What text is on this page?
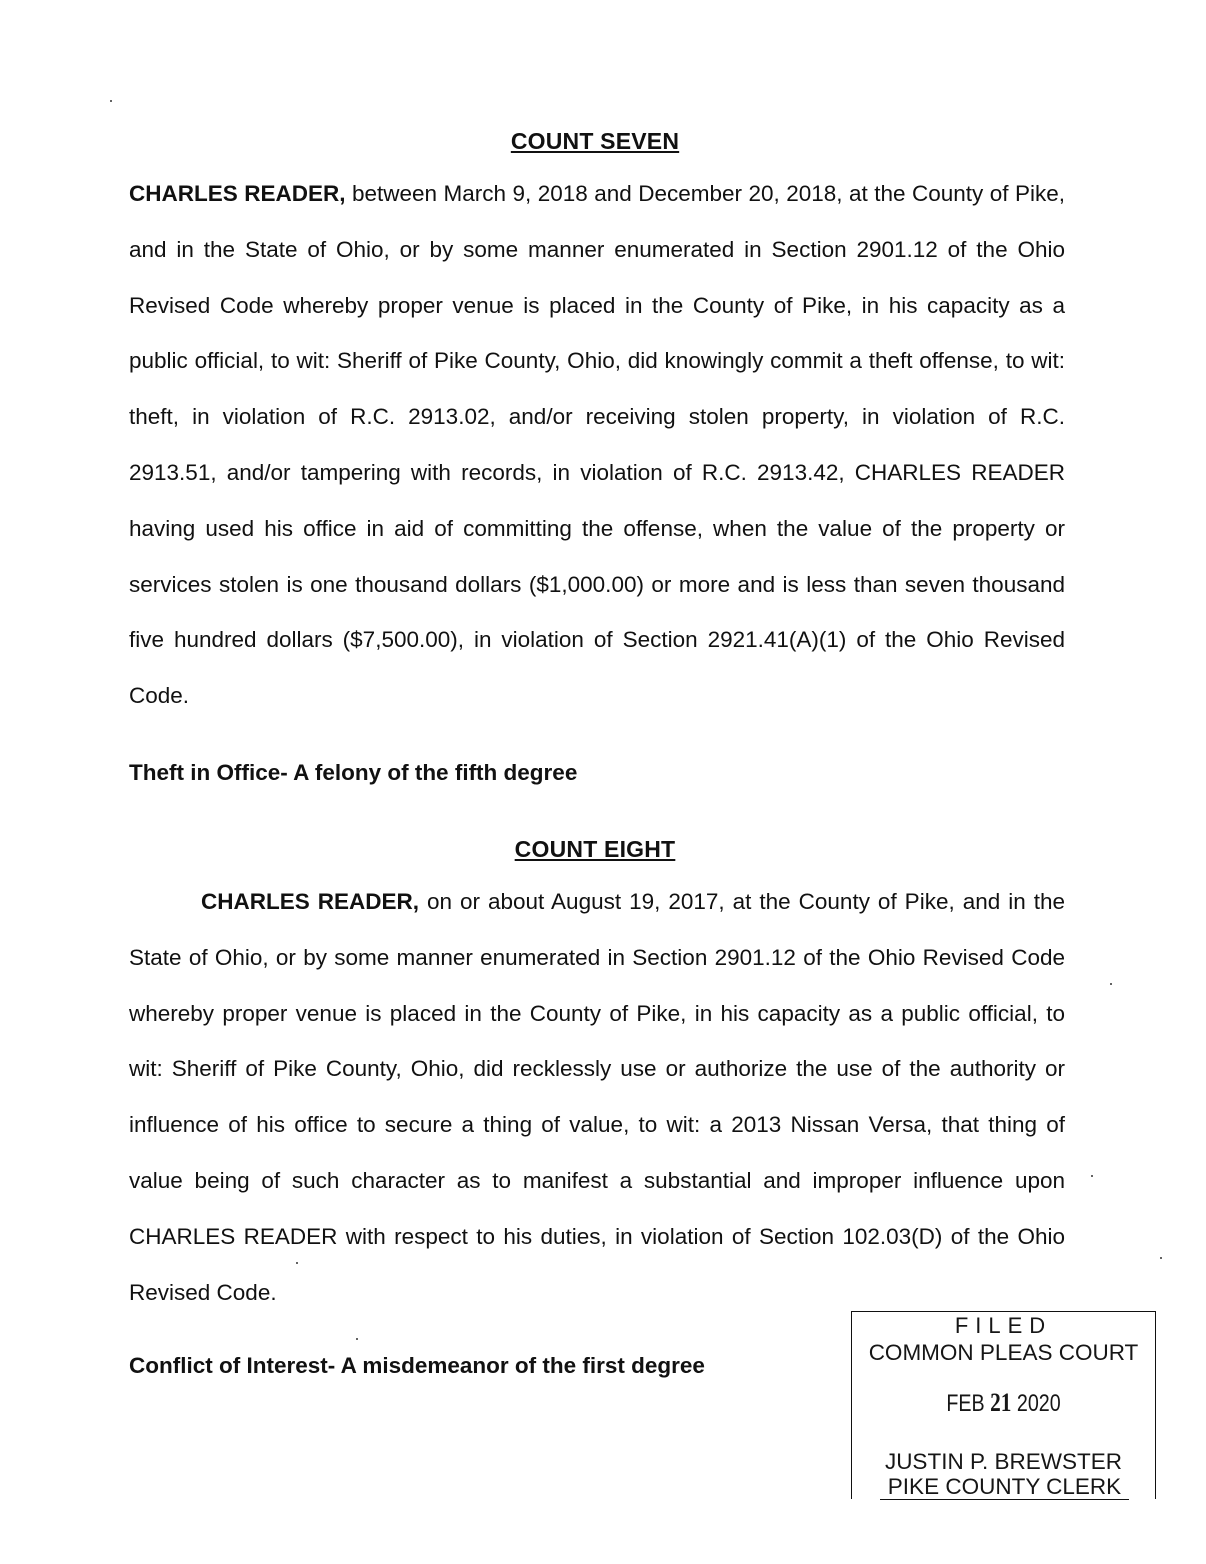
COUNT SEVEN
CHARLES READER, between March 9, 2018 and December 20, 2018, at the County of Pike, and in the State of Ohio, or by some manner enumerated in Section 2901.12 of the Ohio Revised Code whereby proper venue is placed in the County of Pike, in his capacity as a public official, to wit: Sheriff of Pike County, Ohio, did knowingly commit a theft offense, to wit: theft, in violation of R.C. 2913.02, and/or receiving stolen property, in violation of R.C. 2913.51, and/or tampering with records, in violation of R.C. 2913.42, CHARLES READER having used his office in aid of committing the offense, when the value of the property or services stolen is one thousand dollars ($1,000.00) or more and is less than seven thousand five hundred dollars ($7,500.00), in violation of Section 2921.41(A)(1) of the Ohio Revised Code.
Theft in Office- A felony of the fifth degree
COUNT EIGHT
CHARLES READER, on or about August 19, 2017, at the County of Pike, and in the State of Ohio, or by some manner enumerated in Section 2901.12 of the Ohio Revised Code whereby proper venue is placed in the County of Pike, in his capacity as a public official, to wit: Sheriff of Pike County, Ohio, did recklessly use or authorize the use of the authority or influence of his office to secure a thing of value, to wit: a 2013 Nissan Versa, that thing of value being of such character as to manifest a substantial and improper influence upon CHARLES READER with respect to his duties, in violation of Section 102.03(D) of the Ohio Revised Code.
Conflict of Interest- A misdemeanor of the first degree
FILED
COMMON PLEAS COURT
FEB 21 2020
JUSTIN P. BREWSTER
PIKE COUNTY CLERK
